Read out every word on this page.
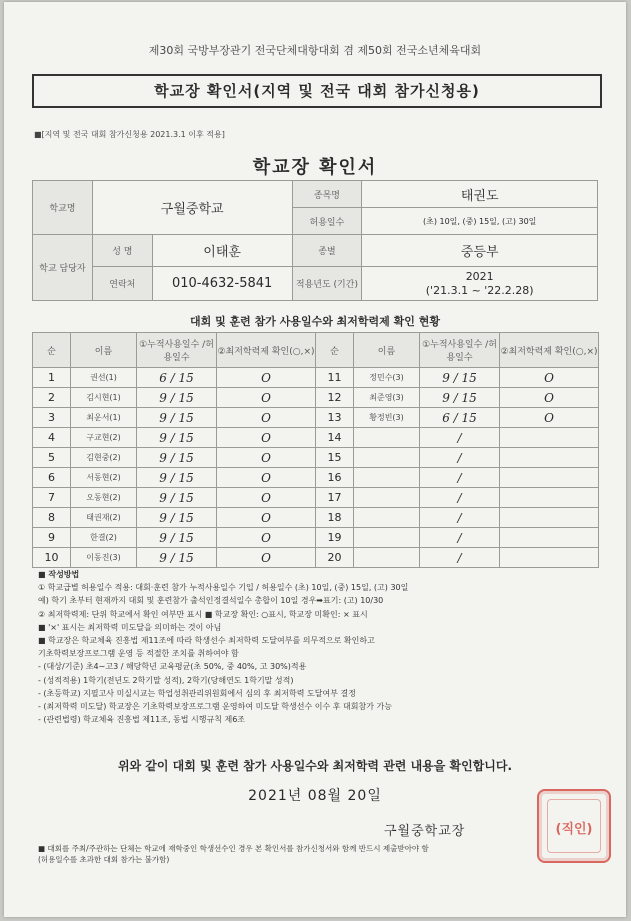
제30회 국방부장관기 전국단체대항대회 겸 제50회 전국소년체육대회
학교장 확인서(지역 및 전국 대회 참가신청용)
■[지역 및 전국 대회 참가신청용 2021.3.1 이후 적용]
학교장 확인서
학교명	구월중학교		종목명	태권도
			허용일수	(초) 10일, (중) 15일, (고) 30일
학교 담당자	성 명	이태훈	종별	중등부
	연락처	010-4632-5841	적용년도 (기간)	2021
('21.3.1 ~ '22.2.28)
대회 및 훈련 참가 사용일수와 최저학력제 확인 현황
순	이름	①누적사용일수 /허용일수	②최저학력제 확인(○,×)	순	이름	①누적사용일수 /허용일수	②최저학력제 확인(○,×)
1	권선(1)	6 / 15	O	11	정민수(3)	9 / 15	O
2	김시현(1)	9 / 15	O	12	최준영(3)	9 / 15	O
3	최운서(1)	9 / 15	O	13	황정빈(3)	6 / 15	O
4	구교현(2)	9 / 15	O	14		/	
5	김현중(2)	9 / 15	O	15		/	
6	서동현(2)	9 / 15	O	16		/	
7	오동현(2)	9 / 15	O	17		/	
8	태권재(2)	9 / 15	O	18		/	
9	한결(2)	9 / 15	O	19		/	
10	이동진(3)	9 / 15	O	20		/	
■ 작성방법
① 학교급별 허용일수 적용: 대회·훈련 참가 누적사용일수 기입 / 허용일수 (초) 10일, (중) 15일, (고) 30일
예) 학기 초부터 현재까지 대회 및 훈련참가 출석인정결석일수 총합이 10일 경우➡표기: (고) 10/30
② 최저학력제: 단위 학교에서 확인 여부만 표시 ■ 학교장 확인: ○표시, 학교장 미확인: × 표시
■ '×' 표시는 최저학력 미도달을 의미하는 것이 아님
■ 학교장은 학교체육 진흥법 제11조에 따라 학생선수 최저학력 도달여부를 의무적으로 확인하고
기초학력보장프로그램 운영 등 적절한 조치를 취하여야 함
- (대상/기준) 초4∼고3 / 해당학년 교육평균(초 50%, 중 40%, 고 30%)적용
- (성적적용) 1학기(전년도 2학기말 성적), 2학기(당해연도 1학기말 성적)
- (초등학교) 지필고사 미실시교는 학업성취관리위원회에서 심의 후 최저학력 도달여부 결정
- (최저학력 미도달) 학교장은 기초학력보장프로그램 운영하여 미도달 학생선수 이수 후 대회참가 가능
- (관련법령) 학교체육 진흥법 제11조, 동법 시행규칙 제6조
위와 같이 대회 및 훈련 참가 사용일수와 최저학력 관련 내용을 확인합니다.
2021년 08월 20일
구월중학교장	(직인)
■ 대회를 주최/주관하는 단체는 학교에 재학중인 학생선수인 경우 본 확인서를 참가신청서와 함께 반드시 제출받아야 함
(허용일수를 초과한 대회 참가는 불가함)
